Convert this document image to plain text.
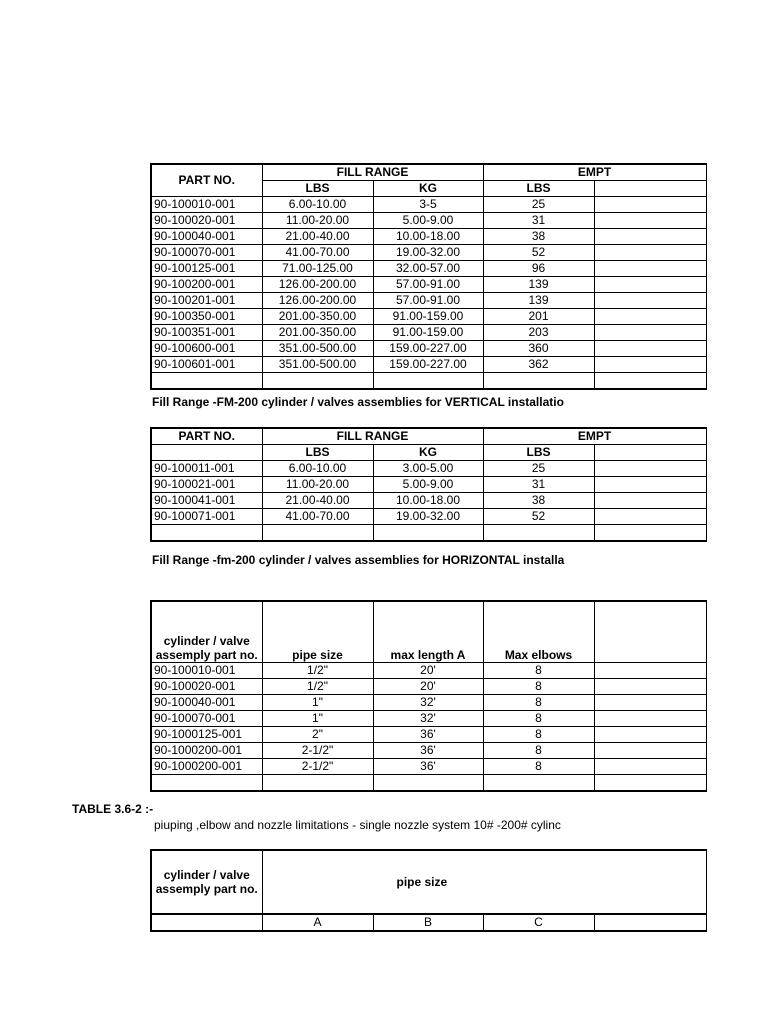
PART NO.	FILL RANGE		EMPT	
	LBS	KG	LBS	
90-100010-001	6.00-10.00	3-5	25	
90-100020-001	11.00-20.00	5.00-9.00	31	
90-100040-001	21.00-40.00	10.00-18.00	38	
90-100070-001	41.00-70.00	19.00-32.00	52	
90-100125-001	71.00-125.00	32.00-57.00	96	
90-100200-001	126.00-200.00	57.00-91.00	139	
90-100201-001	126.00-200.00	57.00-91.00	139	
90-100350-001	201.00-350.00	91.00-159.00	201	
90-100351-001	201.00-350.00	91.00-159.00	203	
90-100600-001	351.00-500.00	159.00-227.00	360	
90-100601-001	351.00-500.00	159.00-227.00	362	

Fill Range -FM-200 cylinder / valves assemblies for VERTICAL installatio
PART NO.	FILL RANGE		EMPT	
	LBS	KG	LBS	
90-100011-001	6.00-10.00	3.00-5.00	25	
90-100021-001	11.00-20.00	5.00-9.00	31	
90-100041-001	21.00-40.00	10.00-18.00	38	
90-100071-001	41.00-70.00	19.00-32.00	52	

Fill Range -fm-200 cylinder / valves assemblies for HORIZONTAL installa
cylinder / valve assemply part no.	pipe size	max length A	Max elbows	
90-100010-001	1/2"	20'	8	
90-100020-001	1/2"	20'	8	
90-100040-001	1"	32'	8	
90-100070-001	1"	32'	8	
90-1000125-001	2"	36'	8	
90-1000200-001	2-1/2"	36'	8	
90-1000200-001	2-1/2"	36'	8	

TABLE 3.6-2 :-
piuping ,elbow and nozzle limitations - single nozzle system 10# -200# cylinc
cylinder / valve assemply part no.	pipe size			
	A	B	C	
